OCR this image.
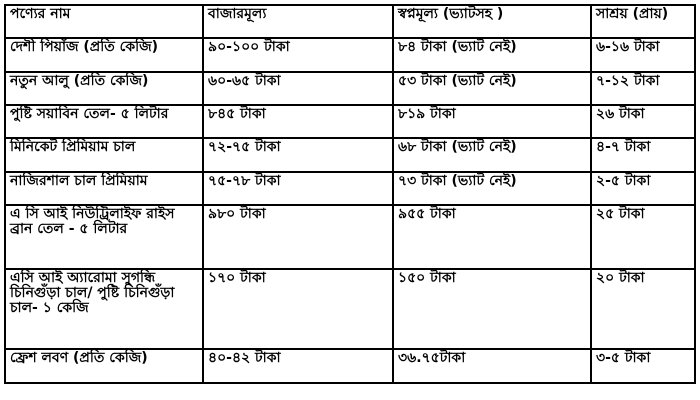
পণ্যের নাম	বাজারমূল্য	স্বপ্নমূল্য (ভ্যাটসহ )	সাশ্রয় (প্রায়)
দেশী পিয়াঁজ (প্রতি কেজি)	৯০-১০০ টাকা	৮৪ টাকা (ভ্যাট নেই)	৬-১৬ টাকা
নতুন আলু (প্রতি কেজি)	৬০-৬৫ টাকা	৫৩ টাকা (ভ্যাট নেই)	৭-১২ টাকা
পুষ্টি সয়াবিন তেল- ৫ লিটার	৮৪৫ টাকা	৮১৯ টাকা	২৬ টাকা
মিনিকেট প্রিমিয়াম চাল	৭২-৭৫ টাকা	৬৮ টাকা (ভ্যাট নেই)	৪-৭ টাকা
নাজিরশাল চাল প্রিমিয়াম	৭৫-৭৮ টাকা	৭৩ টাকা (ভ্যাট নেই)	২-৫ টাকা
এ সি আই নিউট্রিলাইফ রাইস ব্রান তেল - ৫ লিটার	৯৮০ টাকা	৯৫৫ টাকা	২৫ টাকা
এসি আই অ্যারোমা সুগন্ধি চিনিগুঁড়া চাল/ পুষ্টি চিনিগুঁড়া চাল- ১ কেজি	১৭০ টাকা	১৫০ টাকা	২০ টাকা
ফ্রেশ লবণ (প্রতি কেজি)	৪০-৪২ টাকা	৩৬.৭৫টাকা	৩-৫ টাকা
